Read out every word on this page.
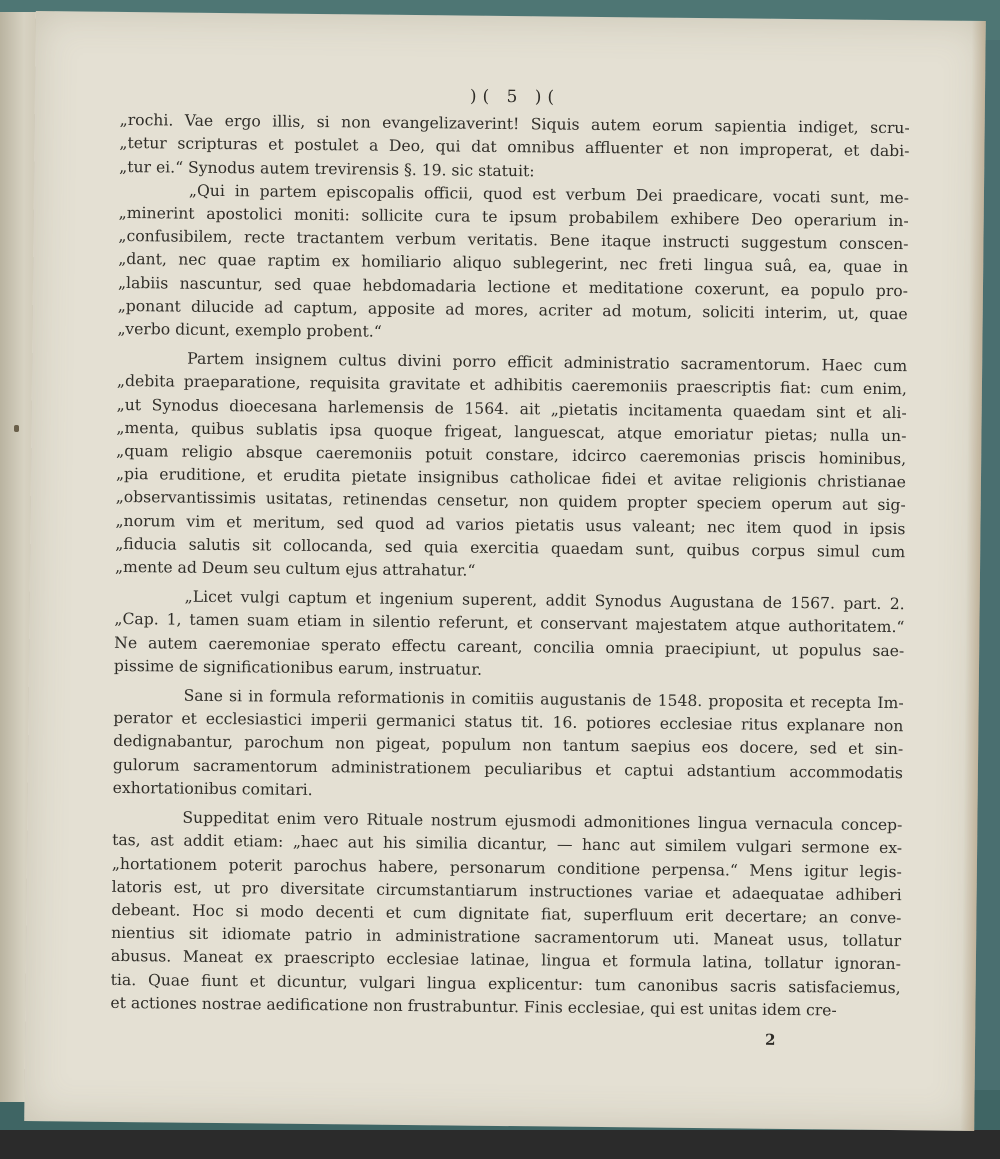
)( 5 )(
„rochi. Vae ergo illis, si non evangelizaverint! Siquis autem eorum sapientia indiget, scru-
„tetur scripturas et postulet a Deo, qui dat omnibus affluenter et non improperat, et dabi-
„tur ei.“ Synodus autem trevirensis §. 19. sic statuit:
„Qui in partem episcopalis officii, quod est verbum Dei praedicare, vocati sunt, me-
„minerint apostolici moniti: sollicite cura te ipsum probabilem exhibere Deo operarium in-
„confusibilem, recte tractantem verbum veritatis. Bene itaque instructi suggestum conscen-
„dant, nec quae raptim ex homiliario aliquo sublegerint, nec freti lingua suâ, ea, quae in
„labiis nascuntur, sed quae hebdomadaria lectione et meditatione coxerunt, ea populo pro-
„ponant dilucide ad captum, apposite ad mores, acriter ad motum, soliciti interim, ut, quae
„verbo dicunt, exemplo probent.“
Partem insignem cultus divini porro efficit administratio sacramentorum. Haec cum
„debita praeparatione, requisita gravitate et adhibitis caeremoniis praescriptis fiat: cum enim,
„ut Synodus dioecesana harlemensis de 1564. ait „pietatis incitamenta quaedam sint et ali-
„menta, quibus sublatis ipsa quoque frigeat, languescat, atque emoriatur pietas; nulla un-
„quam religio absque caeremoniis potuit constare, idcirco caeremonias priscis hominibus,
„pia eruditione, et erudita pietate insignibus catholicae fidei et avitae religionis christianae
„observantissimis usitatas, retinendas censetur, non quidem propter speciem operum aut sig-
„norum vim et meritum, sed quod ad varios pietatis usus valeant; nec item quod in ipsis
„fiducia salutis sit collocanda, sed quia exercitia quaedam sunt, quibus corpus simul cum
„mente ad Deum seu cultum ejus attrahatur.“
„Licet vulgi captum et ingenium superent, addit Synodus Augustana de 1567. part. 2.
„Cap. 1, tamen suam etiam in silentio referunt, et conservant majestatem atque authoritatem.“
Ne autem caeremoniae sperato effectu careant, concilia omnia praecipiunt, ut populus sae-
pissime de significationibus earum, instruatur.
Sane si in formula reformationis in comitiis augustanis de 1548. proposita et recepta Im-
perator et ecclesiastici imperii germanici status tit. 16. potiores ecclesiae ritus explanare non
dedignabantur, parochum non pigeat, populum non tantum saepius eos docere, sed et sin-
gulorum sacramentorum administrationem peculiaribus et captui adstantium accommodatis
exhortationibus comitari.
Suppeditat enim vero Rituale nostrum ejusmodi admonitiones lingua vernacula concep-
tas, ast addit etiam: „haec aut his similia dicantur, — hanc aut similem vulgari sermone ex-
„hortationem poterit parochus habere, personarum conditione perpensa.“ Mens igitur legis-
latoris est, ut pro diversitate circumstantiarum instructiones variae et adaequatae adhiberi
debeant. Hoc si modo decenti et cum dignitate fiat, superfluum erit decertare; an conve-
nientius sit idiomate patrio in administratione sacramentorum uti. Maneat usus, tollatur
abusus. Maneat ex praescripto ecclesiae latinae, lingua et formula latina, tollatur ignoran-
tia. Quae fiunt et dicuntur, vulgari lingua explicentur: tum canonibus sacris satisfaciemus,
et actiones nostrae aedificatione non frustrabuntur. Finis ecclesiae, qui est unitas idem cre-
2
